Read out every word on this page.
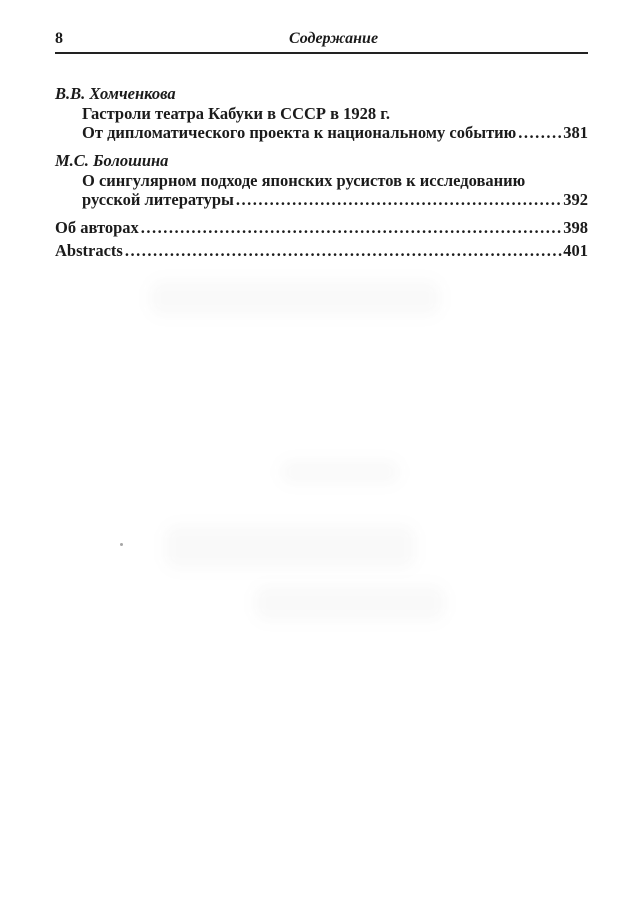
8	Содержание
В.В. Хомченкова
Гастроли театра Кабуки в СССР в 1928 г.
От дипломатического проекта к национальному событию .....	381
М.С. Болошина
О сингулярном подходе японских русистов к исследованию
русской литературы .....	392
Об авторах .....	398
Abstracts .....	401
